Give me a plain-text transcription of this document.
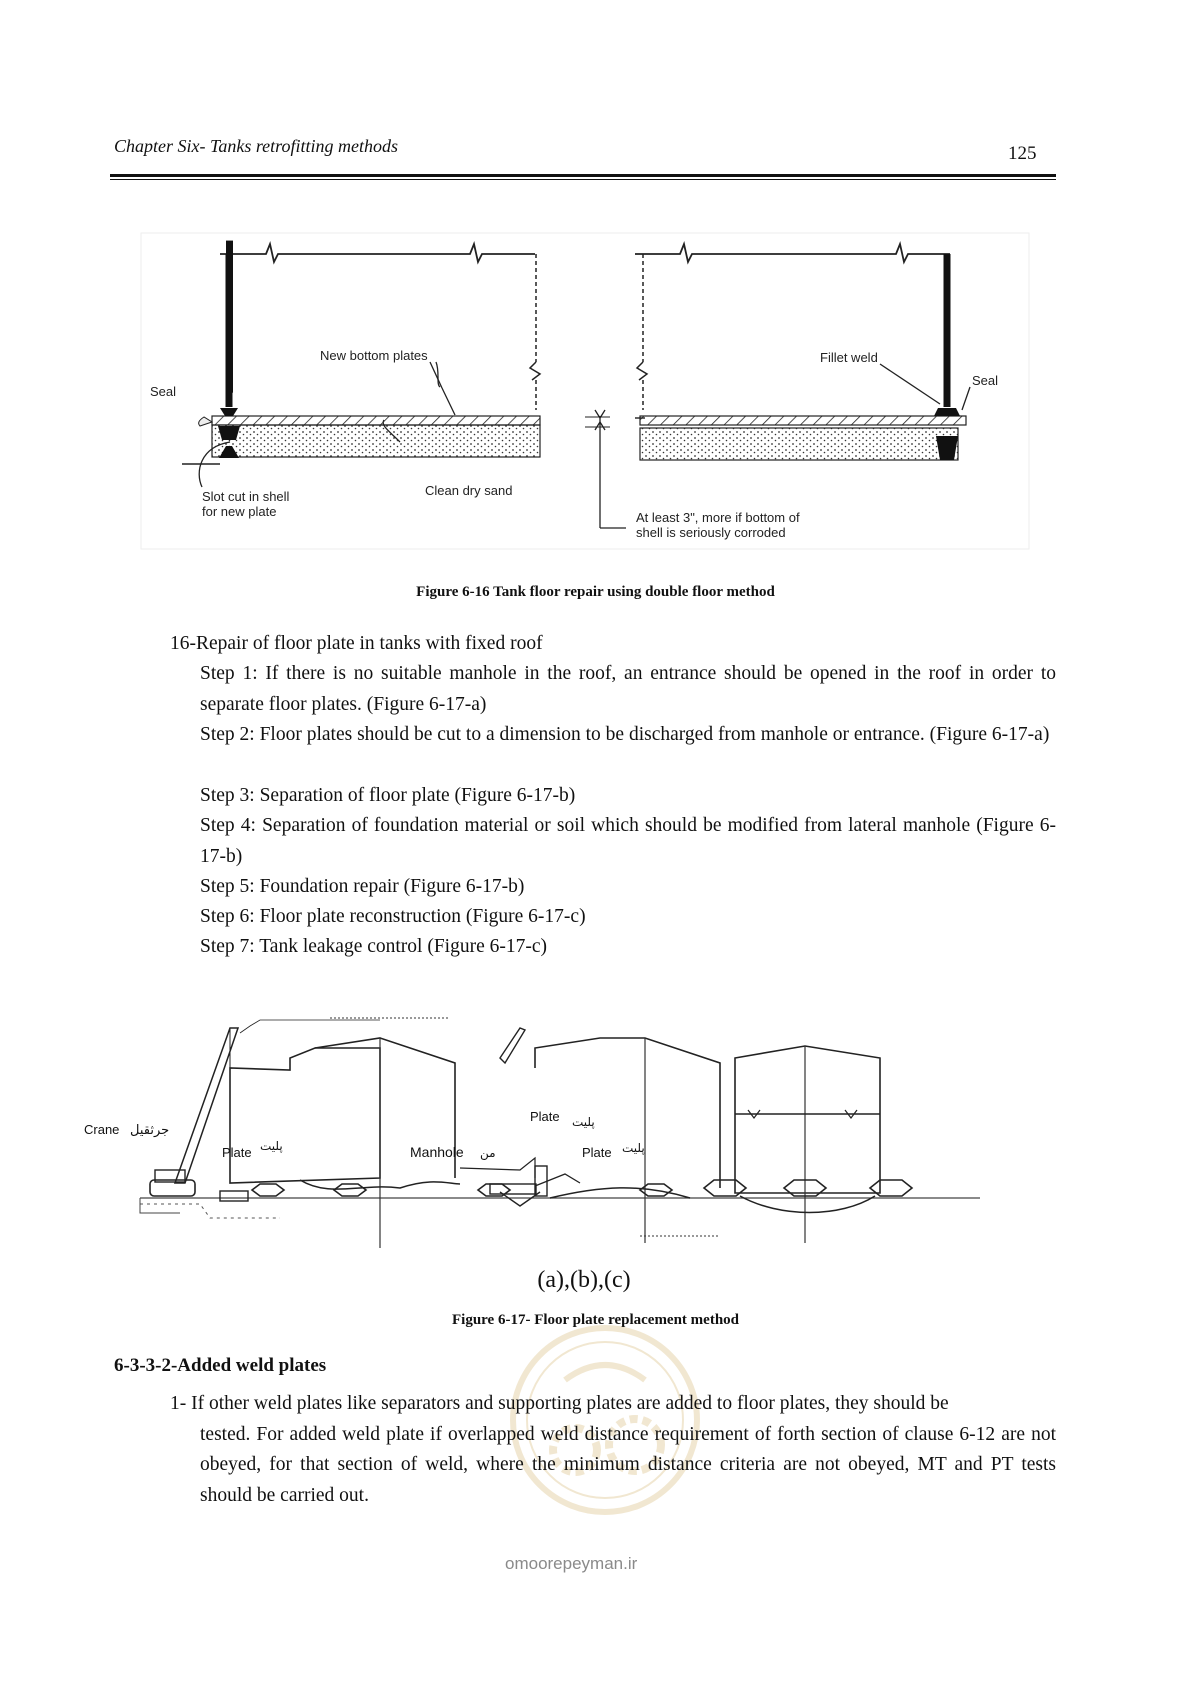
Chapter Six- Tanks retrofitting methods	125
Seal
New bottom plates
Slot cut in shell
for new plate
Clean dry sand
Fillet weld
Seal
At least 3", more if bottom of
shell is seriously corroded
Figure 6-16 Tank floor repair using double floor method
16-Repair of floor plate in tanks with fixed roof
Step 1: If there is no suitable manhole in the roof, an entrance should be opened in the roof in order to separate floor plates. (Figure 6-17-a)
Step 2: Floor plates should be cut to a dimension to be discharged from manhole or entrance. (Figure 6-17-a)
Step 3: Separation of floor plate (Figure 6-17-b)
Step 4: Separation of foundation material or soil which should be modified from lateral manhole (Figure 6-17-b)
Step 5: Foundation repair (Figure 6-17-b)
Step 6: Floor plate reconstruction (Figure 6-17-c)
Step 7: Tank leakage control (Figure 6-17-c)
Crane جرثقیل
Plate پلیت	Manhole من
Plate پلیت
Plate پلیت
(a),(b),(c)
Figure 6-17- Floor plate replacement method
omoorepeyman.ir
6-3-3-2-Added weld plates
1- If other weld plates like separators and supporting plates are added to floor plates, they should be
tested. For added weld plate if overlapped weld distance requirement of forth section of clause 6-12 are not obeyed, for that section of weld, where the minimum distance criteria are not obeyed, MT and PT tests should be carried out.
